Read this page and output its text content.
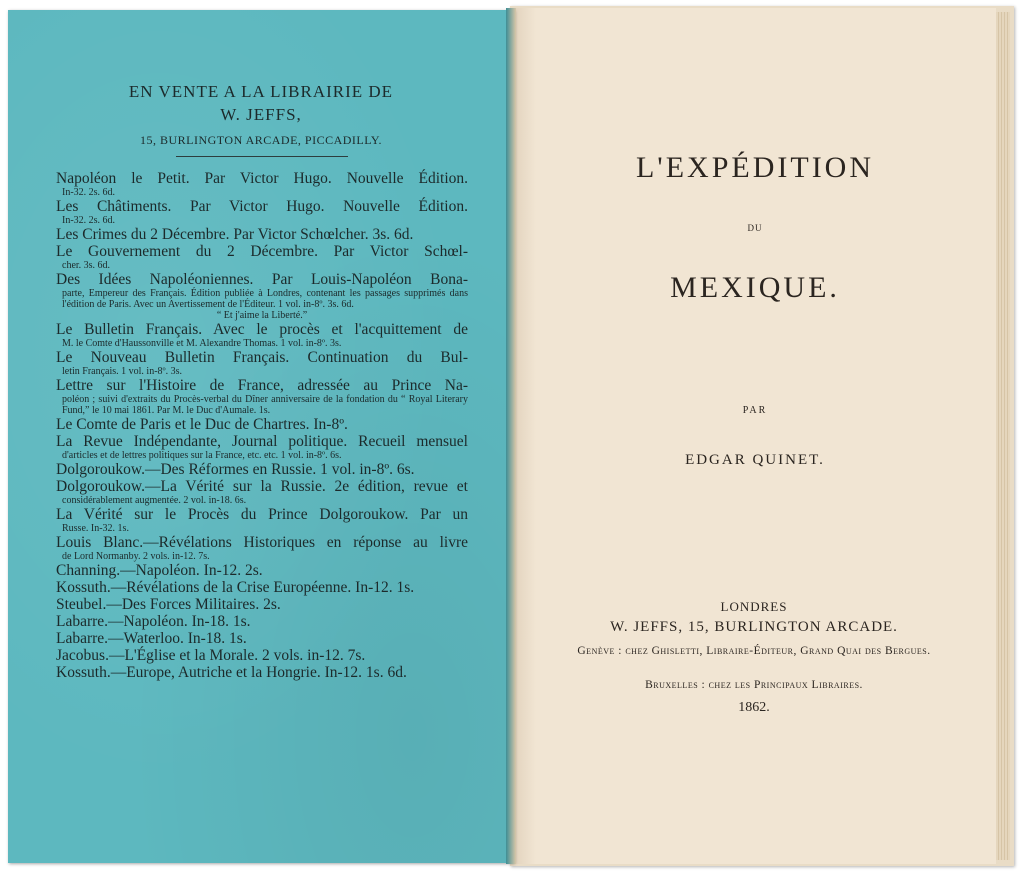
L'EXPÉDITION
DU
MEXIQUE.
PAR
EDGAR QUINET.
LONDRES
W. JEFFS, 15, BURLINGTON ARCADE.
Genève : chez Ghisletti, Libraire-Éditeur, Grand Quai des Bergues.
Bruxelles : chez les Principaux Libraires.
1862.
EN VENTE A LA LIBRAIRIE DE
W. JEFFS,
15, BURLINGTON ARCADE, PICCADILLY.
Napoléon le Petit. Par Victor Hugo. Nouvelle Édition.
In-32. 2s. 6d.
Les Châtiments. Par Victor Hugo. Nouvelle Édition.
In-32. 2s. 6d.
Les Crimes du 2 Décembre. Par Victor Schœlcher. 3s. 6d.
Le Gouvernement du 2 Décembre. Par Victor Schœl-
cher. 3s. 6d.
Des Idées Napoléoniennes. Par Louis-Napoléon Bona-
parte, Empereur des Français. Édition publiée à Londres, contenant les passages supprimés dans l'édition de Paris. Avec un Avertissement de l'Éditeur. 1 vol. in-8º. 3s. 6d.
“ Et j'aime la Liberté.”
Le Bulletin Français. Avec le procès et l'acquittement de
M. le Comte d'Haussonville et M. Alexandre Thomas. 1 vol. in-8º. 3s.
Le Nouveau Bulletin Français. Continuation du Bul-
letin Français. 1 vol. in-8º. 3s.
Lettre sur l'Histoire de France, adressée au Prince Na-
poléon ; suivi d'extraits du Procès-verbal du Dîner anniversaire de la fondation du “ Royal Literary Fund,” le 10 mai 1861. Par M. le Duc d'Aumale. 1s.
Le Comte de Paris et le Duc de Chartres. In-8º.
La Revue Indépendante, Journal politique. Recueil mensuel
d'articles et de lettres politiques sur la France, etc. etc. 1 vol. in-8º. 6s.
Dolgoroukow.—Des Réformes en Russie. 1 vol. in-8º. 6s.
Dolgoroukow.—La Vérité sur la Russie. 2e édition, revue et
considérablement augmentée. 2 vol. in-18. 6s.
La Vérité sur le Procès du Prince Dolgoroukow. Par un
Russe. In-32. 1s.
Louis Blanc.—Révélations Historiques en réponse au livre
de Lord Normanby. 2 vols. in-12. 7s.
Channing.—Napoléon. In-12. 2s.
Kossuth.—Révélations de la Crise Européenne. In-12. 1s.
Steubel.—Des Forces Militaires. 2s.
Labarre.—Napoléon. In-18. 1s.
Labarre.—Waterloo. In-18. 1s.
Jacobus.—L'Église et la Morale. 2 vols. in-12. 7s.
Kossuth.—Europe, Autriche et la Hongrie. In-12. 1s. 6d.
